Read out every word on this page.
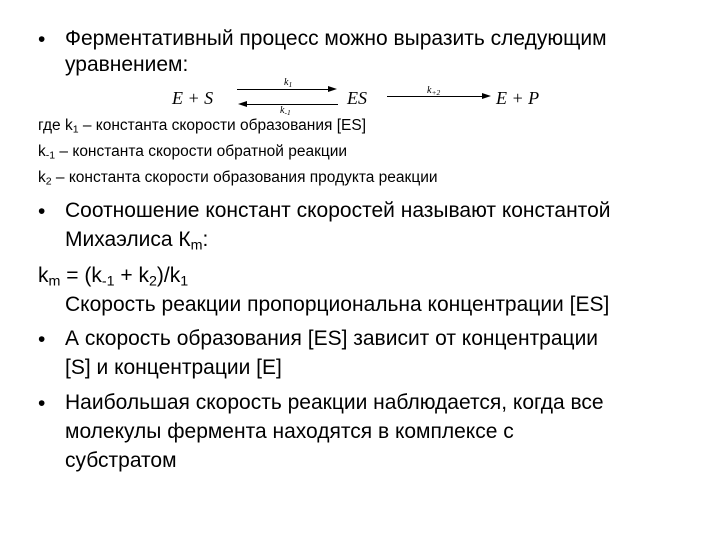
• Ферментативный процесс можно выразить следующим
уравнением:
E + S
$k_1$
$k_{-1}$
ES	$k_{+2}$	E + P
где $k_1$ – константа скорости образования [ES]
$k_{-1}$ – константа скорости обратной реакции
$k_2$ – константа скорости образования продукта реакции
• Соотношение констант скоростей называют константой
Михаэлиса $К_m$:
$k_m = (k_{-1} + k_2)/k_1$
Скорость реакции пропорциональна концентрации [ES]
• А скорость образования [ES] зависит от концентрации
[S] и концентрации [E]
• Наибольшая скорость реакции наблюдается, когда все
молекулы фермента находятся в комплексе с
субстратом
